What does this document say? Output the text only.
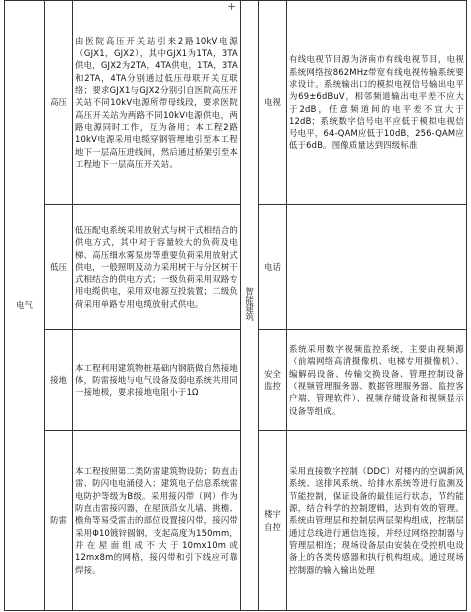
电气	高压	由医院高压开关站引来2路10kV电源（GJX1，GJX2），其中GJX1为1TA，3TA供电，GJX2为2TA，4TA供电，1TA，3TA和2TA，4TA分别通过低压母联开关互联络；要求GJX1与GJX2分别引自医院高压开关站不同10kV电源所带母线段，要求医院高压开关站为两路不同10kV电源供电，两路电源同时工作，互为备用；本工程2路10kV电源采用电缆穿钢管埋地引至本工程地下一层高压进线间，然后通过桥架引至本工程地下一层高压开关站。	智能建筑	电视	有线电视节目源为济南市有线电视节目，电视系统网络按862MHz带宽有线电视传输系统要求设计。系统输出口的模拟电视信号输出电平为69±6dBuV，相邻频道输出电平差不应大于2dB，任意频道间的电平差不宜大于12dB；系统数字信号电平应低于模拟电视信号电平，64-QAM应低于10dB，256-QAM应低于6dB。图像质量达到四级标准
	低压	低压配电系统采用放射式与树干式相结合的供电方式，其中对于容量较大的负荷及电梯、高压细水雾泵房等重要负荷采用放射式供电，一般照明及动力采用树干与分区树干式相结合的供电方式；一级负荷采用双路专用电缆供电，采用双电源互投装置；二级负荷采用单路专用电缆放射式供电。		电话	
	接地	本工程利用建筑物桩基础内钢筋做自然接地体，防雷接地与电气设备及弱电系统共用同一接地极，要求接地电阻小于1Ω		安全监控	系统采用数字视频监控系统，主要由视频源（前端网络高清摄像机、电梯专用摄像机）、编解码设备、传输交换设备、管理控制设备（视频管理服务器、数据管理服务器、监控客户端、管理软件）、视频存储设备和视频显示设备等组成。
	防雷	本工程按照第二类防雷建筑物设防；防直击雷、防闪电电涌侵入；建筑电子信息系统雷电防护等级为B级。采用接闪带（网）作为防直击雷接闪器，在屋顶沿女儿墙、挑檐、檐角等易受雷击的部位设置接闪带，接闪带采用Φ10镀锌圆钢，支起高度为150mm，并在屋面组成不大于10mx10m或12mx8m的网格，接闪带和引下线应可靠焊接。		楼宇自控	采用直接数字控制（DDC）对楼内的空调新风系统、送排风系统、给排水系统等进行监测及节能控制，保证设备的最佳运行状态，节约能源，结合科学的控制逻辑，达到有效的管理。系统由管理层和控制层两层架构组成，控制层通过总线进行通信连接，并经过网络控制器与管理层相连；现场设备层由安装在受控机电设备上的各类传感器和执行机构组成。通过现场控制器的输入输出处理
+
